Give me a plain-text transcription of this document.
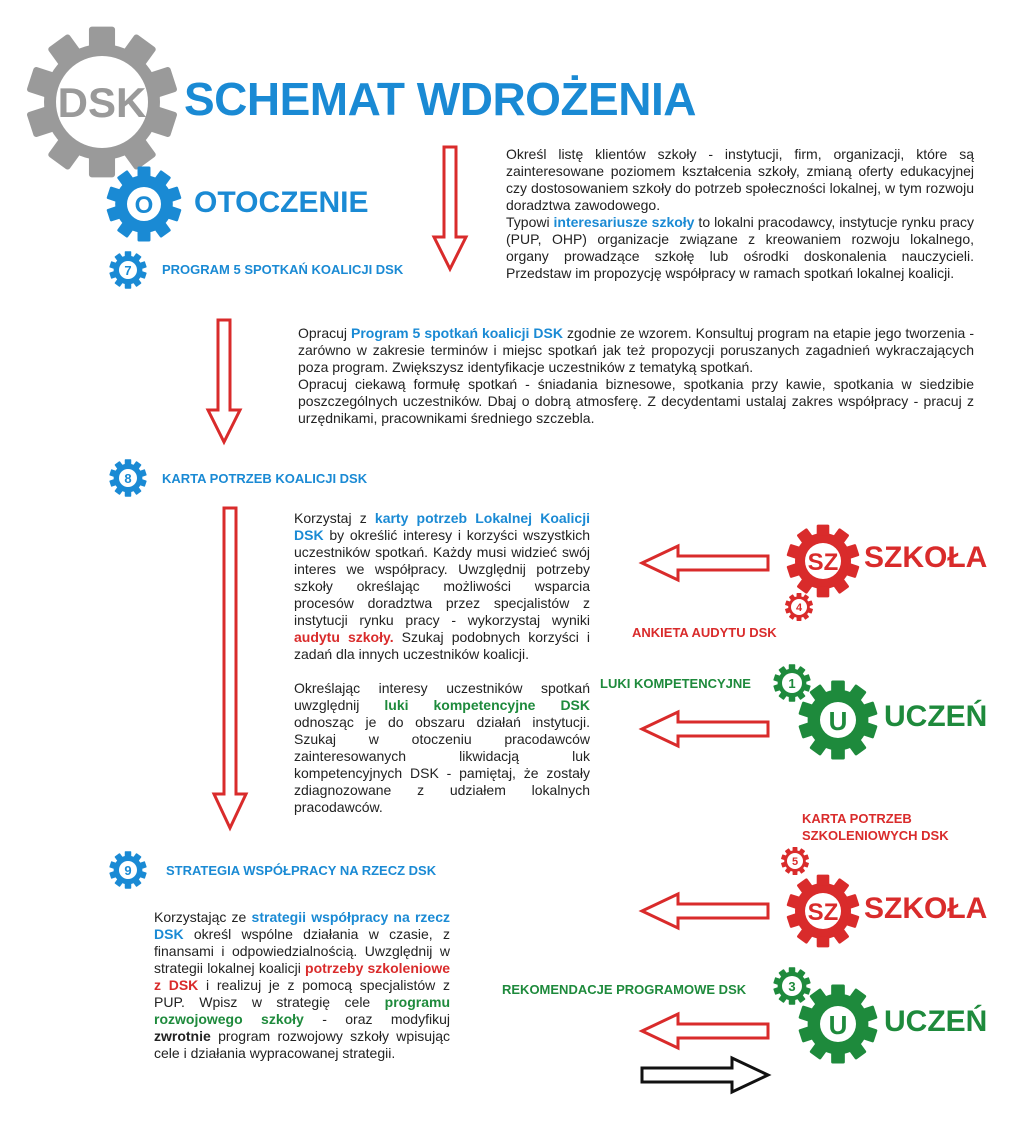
DSK SCHEMAT WDROŻENIA
O OTOCZENIE
7 PROGRAM 5 SPOTKAŃ KOALICJI DSK

Określ listę klientów szkoły - instytucji, firm, organizacji, które są zainteresowane poziomem kształcenia szkoły, zmianą oferty edukacyjnej czy dostosowaniem szkoły do potrzeb społeczności lokalnej, w tym rozwoju doradztwa zawodowego.

Typowi interesariusze szkoły to lokalni pracodawcy, instytucje rynku pracy (PUP, OHP) organizacje związane z kreowaniem rozwoju lokalnego, organy prowadzące szkołę lub ośrodki doskonalenia nauczycieli. Przedstaw im propozycję współpracy w ramach spotkań lokalnej koalicji.

Opracuj Program 5 spotkań koalicji DSK zgodnie ze wzorem. Konsultuj program na etapie jego tworzenia - zarówno w zakresie terminów i miejsc spotkań jak też propozycji poruszanych zagadnień wykraczających poza program. Zwiększysz identyfikacje uczestników z tematyką spotkań.

Opracuj ciekawą formułę spotkań - śniadania biznesowe, spotkania przy kawie, spotkania w siedzibie poszczególnych uczestników. Dbaj o dobrą atmosferę. Z decydentami ustalaj zakres współpracy - pracuj z urzędnikami, pracownikami średniego szczebla.

8 KARTA POTRZEB KOALICJI DSK

Korzystaj z karty potrzeb Lokalnej Koalicji DSK by określić interesy i korzyści wszystkich uczestników spotkań. Każdy musi widzieć swój interes we współpracy. Uwzględnij potrzeby szkoły określając możliwości wsparcia procesów doradztwa przez specjalistów z instytucji rynku pracy - wykorzystaj wyniki audytu szkoły. Szukaj podobnych korzyści i zadań dla innych uczestników koalicji.

Określając interesy uczestników spotkań uwzględnij luki kompetencyjne DSK odnosząc je do obszaru działań instytucji. Szukaj w otoczeniu pracodawców zainteresowanych likwidacją luk kompetencyjnych DSK - pamiętaj, że zostały zdiagnozowane z udziałem lokalnych pracodawców.

9	STRATEGIA WSPÓŁPRACY NA RZECZ DSK

Korzystając ze strategii współpracy na rzecz DSK określ wspólne działania w czasie, z finansami i odpowiedzialnością. Uwzględnij w strategii lokalnej koalicji potrzeby szkoleniowe z DSK i realizuj je z pomocą specjalistów z PUP. Wpisz w strategię cele programu rozwojowego szkoły - oraz modyfikuj zwrotnie program rozwojowy szkoły wpisując cele i działania wypracowanej strategii.

SZ SZKOŁA
4
ANKIETA AUDYTU DSK
LUKI KOMPETENCYJNE	1
U UCZEŃ
KARTA POTRZEB
SZKOLENIOWYCH DSK
5
SZ SZKOŁA
REKOMENDACJE PROGRAMOWE DSK	3
U UCZEŃ
